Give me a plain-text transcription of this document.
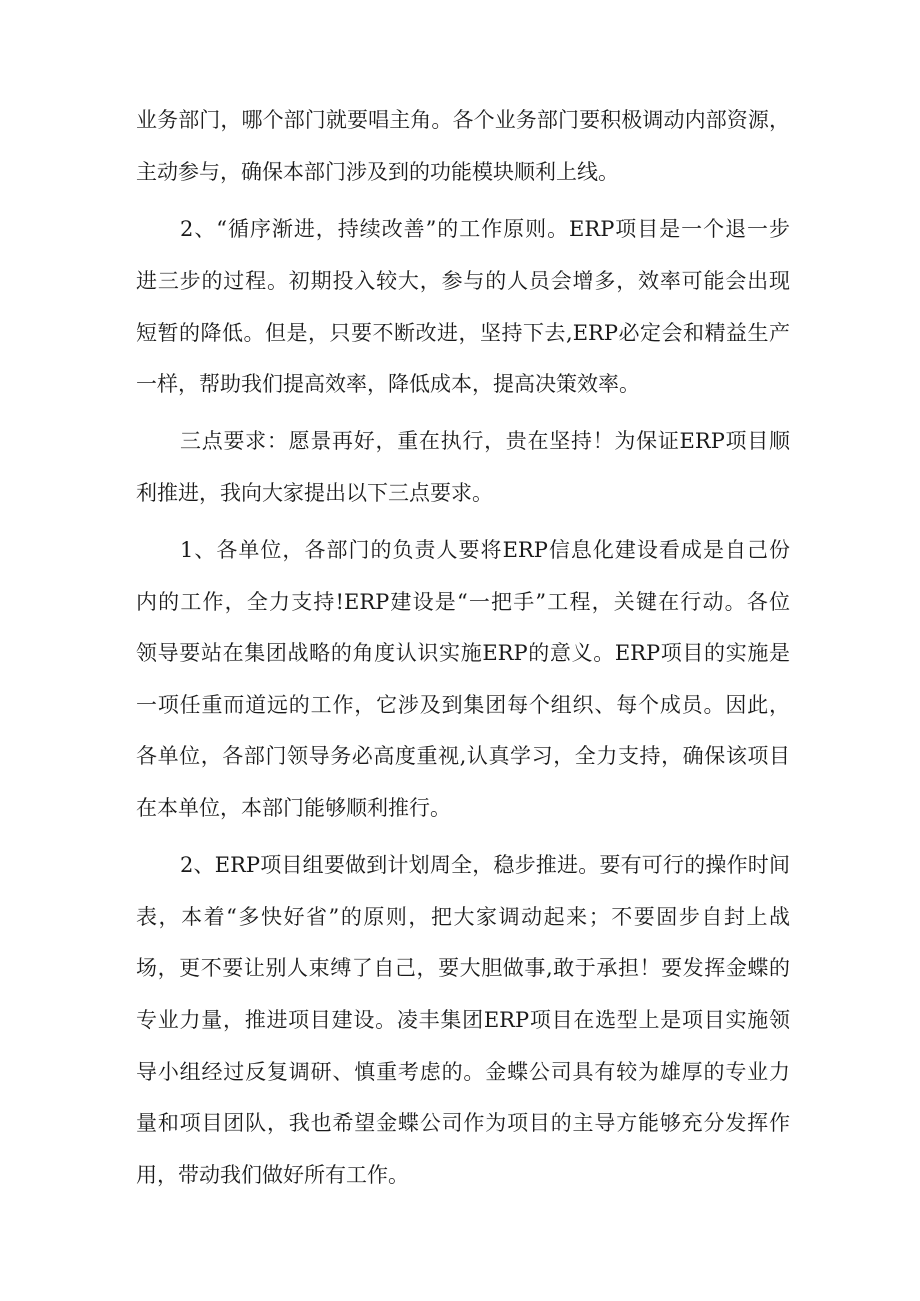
业务部门，哪个部门就要唱主角。各个业务部门要积极调动内部资源，

主动参与，确保本部门涉及到的功能模块顺利上线。

2、“循序渐进，持续改善”的工作原则。ERP项目是一个退一步

进三步的过程。初期投入较大，参与的人员会增多，效率可能会出现

短暂的降低。但是，只要不断改进，坚持下去,ERP必定会和精益生产

一样，帮助我们提高效率，降低成本，提高决策效率。

三点要求：愿景再好，重在执行，贵在坚持！为保证ERP项目顺

利推进，我向大家提出以下三点要求。

1、各单位，各部门的负责人要将ERP信息化建设看成是自己份

内的工作，全力支持!ERP建设是“一把手”工程，关键在行动。各位

领导要站在集团战略的角度认识实施ERP的意义。ERP项目的实施是

一项任重而道远的工作，它涉及到集团每个组织、每个成员。因此，

各单位，各部门领导务必高度重视,认真学习，全力支持，确保该项目

在本单位，本部门能够顺利推行。

2、ERP项目组要做到计划周全，稳步推进。要有可行的操作时间

表，本着“多快好省”的原则，把大家调动起来；不要固步自封上战

场，更不要让别人束缚了自己，要大胆做事,敢于承担！要发挥金蝶的

专业力量，推进项目建设。凌丰集团ERP项目在选型上是项目实施领

导小组经过反复调研、慎重考虑的。金蝶公司具有较为雄厚的专业力

量和项目团队，我也希望金蝶公司作为项目的主导方能够充分发挥作

用，带动我们做好所有工作。
